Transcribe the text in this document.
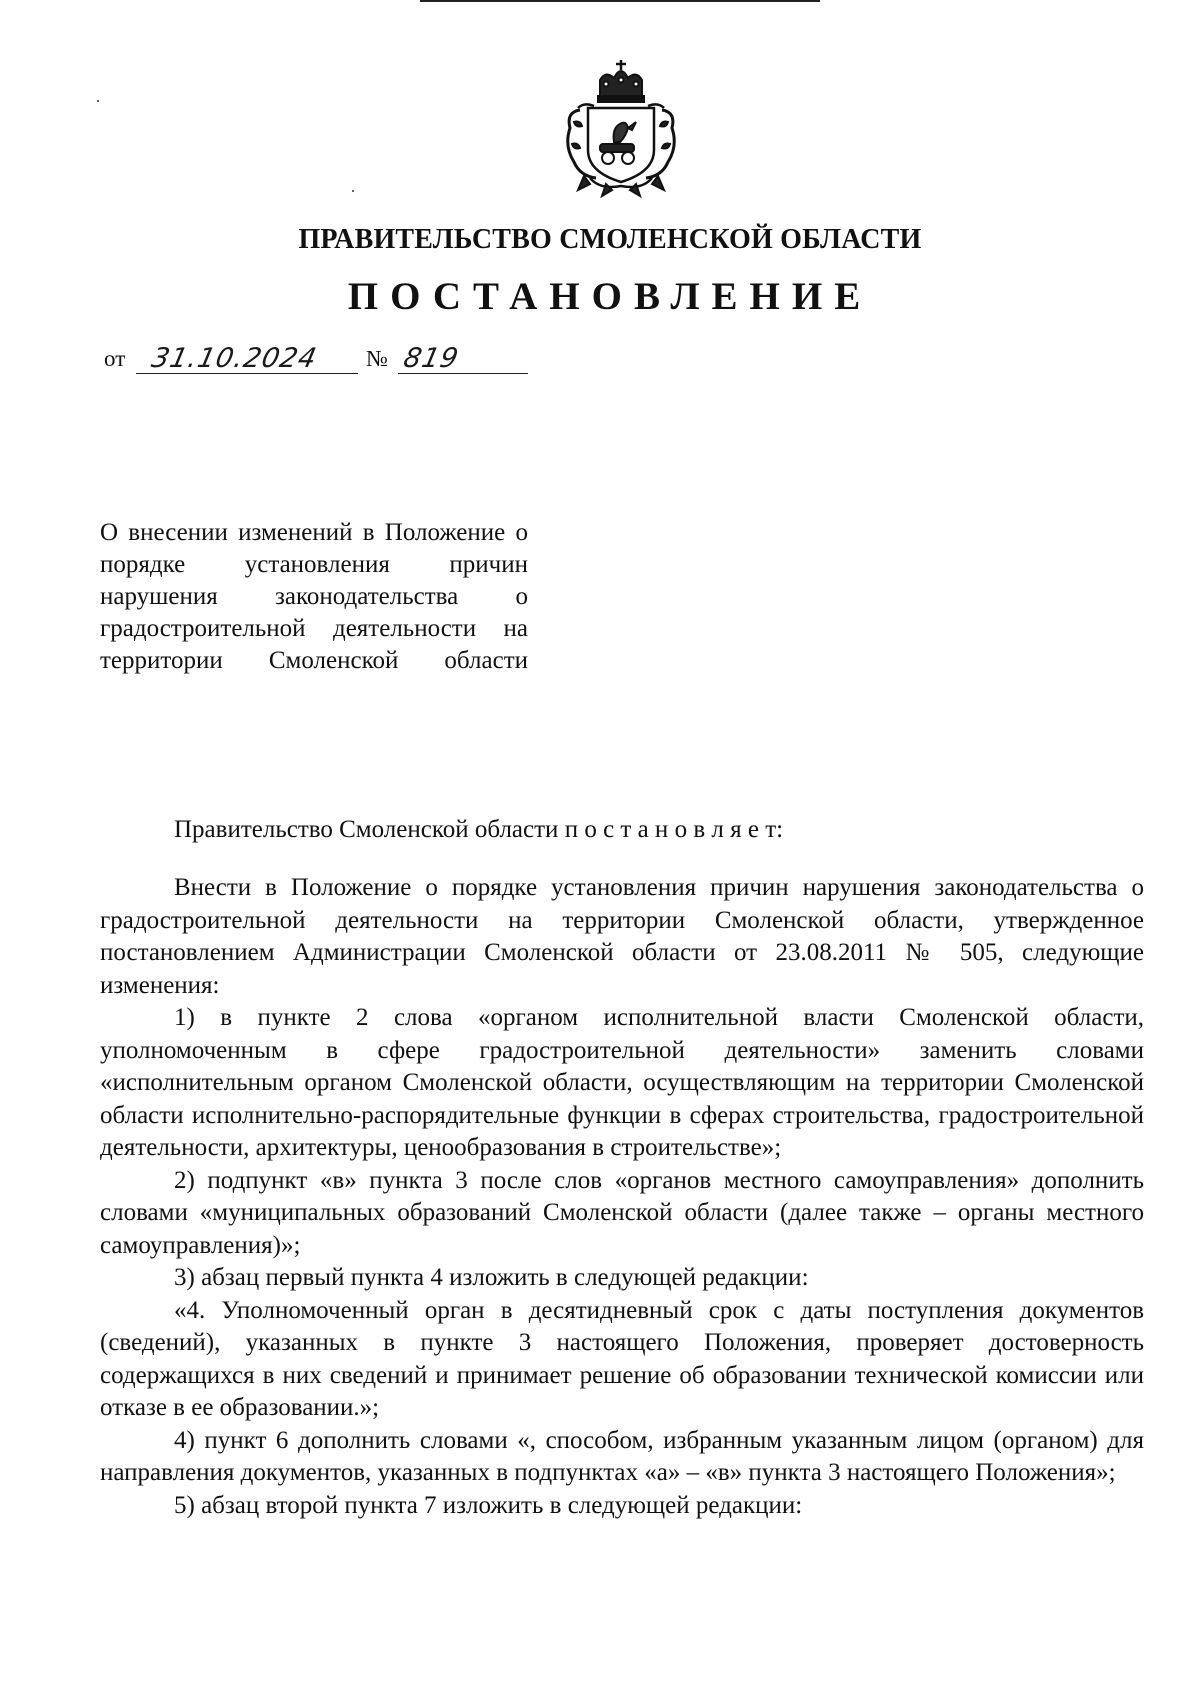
ПРАВИТЕЛЬСТВО СМОЛЕНСКОЙ ОБЛАСТИ
ПОСТАНОВЛЕНИЕ
от 31.10.2024 № 819
О внесении изменений в Положение о порядке установления причин нарушения законодательства о градостроительной деятельности на территории Смоленской области
Правительство Смоленской области п о с т а н о в л я е т:

Внести в Положение о порядке установления причин нарушения законодательства о градостроительной деятельности на территории Смоленской области, утвержденное постановлением Администрации Смоленской области от 23.08.2011 № 505, следующие изменения:

1) в пункте 2 слова «органом исполнительной власти Смоленской области, уполномоченным в сфере градостроительной деятельности» заменить словами «исполнительным органом Смоленской области, осуществляющим на территории Смоленской области исполнительно-распорядительные функции в сферах строительства, градостроительной деятельности, архитектуры, ценообразования в строительстве»;

2) подпункт «в» пункта 3 после слов «органов местного самоуправления» дополнить словами «муниципальных образований Смоленской области (далее также – органы местного самоуправления)»;

3) абзац первый пункта 4 изложить в следующей редакции:

«4. Уполномоченный орган в десятидневный срок с даты поступления документов (сведений), указанных в пункте 3 настоящего Положения, проверяет достоверность содержащихся в них сведений и принимает решение об образовании технической комиссии или отказе в ее образовании.»;

4) пункт 6 дополнить словами «, способом, избранным указанным лицом (органом) для направления документов, указанных в подпунктах «а» – «в» пункта 3 настоящего Положения»;

5) абзац второй пункта 7 изложить в следующей редакции:
